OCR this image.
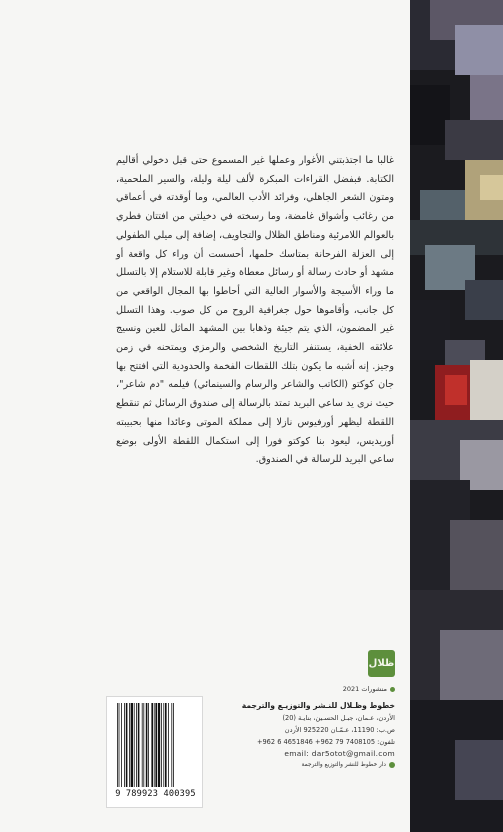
غالبا ما اجتذبتني الأغوار وعملها غير المسموع حتى قبل دخولي أقاليم الكتابة. فبفضل القراءات المبكرة لألف ليلة وليلة، والسير الملحمية، ومتون الشعر الجاهلي، وفرائد الأدب العالمي، وما أوقدته في أعماقي من رغائب وأشواق غامضة، وما رسخته في دخيلتي من افتتان فطري بالعوالم اللامرئية ومناطق الظلال والتجاويف، إضافة إلى ميلي الطفولي إلى العزلة الفرحانة بمتاسك حلمها، أحسست أن وراء كل واقعة أو مشهد أو حادث رسالة أو رسائل معطاة وغير قابلة للاستلام إلا بالتسلل ما وراء الأسيجة والأسوار العالية التي أحاطوا بها المجال الواقعي من كل جانب، وأقاموها حول جغرافية الروح من كل صوب. وهذا التسلل غير المضمون، الذي يتم جيئة وذهابا بين المشهد الماثل للعين ونسيج علائقه الخفية، يستنفر التاريخ الشخصي والرمزي ويمتحنه في زمن وجيز. إنه أشبه ما يكون بتلك اللقطات الفخمة والحدودية التي افتتح بها جان كوكتو (الكاتب والشاعر والرسام والسينمائي) فيلمه "دم شاعر"، حيث نرى يد ساعي البريد تمتد بالرسالة إلى صندوق الرسائل ثم تنقطع اللقطة ليظهر أورفيوس نازلا إلى مملكة الموتى وعائدا منها بحبيبته أوريديس، ليعود بنا كوكتو فورا إلى استكمال اللقطة الأولى بوضع ساعي البريد للرسالة في الصندوق.

ظلال
منشورات 2021
خطوط وظـلال للنـشر والتوزيـع والترجمة
الأردن، عـمان، جبـل الحسـين، بنايـة (20)
ص.ب: 11190، عـمّـان 925220 الأردن
تلفون: 7408105 79 962+ 4651846 6 962+
email: dar5otot@gmail.com
دار خطوط للنشر والتوزيع والترجمة
9 789923 400395
